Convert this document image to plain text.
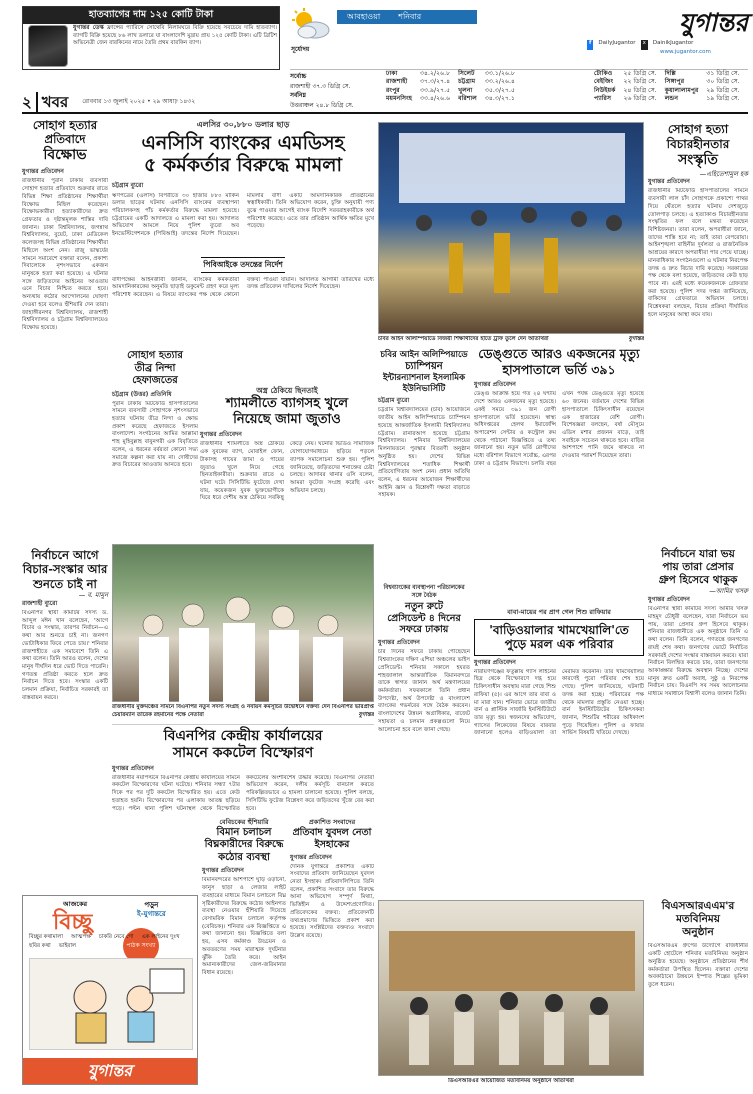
হাতব্যাগের দাম ১২৫ কোটি টাকা
যুগান্তর ডেস্ক ফ্রান্সের প্যারিসে সোথেবি নিলামঘরে বিক্রি হয়েছে সবচেয়ে দামি হাতব্যাগ। ব্যাগটি বিক্রি হয়েছে ৮৬ লাখ ডলারে যা বাংলাদেশি মুদ্রায় প্রায় ১২৫ কোটি টাকা। এটি ব্রিটিশ অভিনেত্রী জেন বারকিনের নামে তৈরি প্রথম বারকিন ব্যাগ।
আবহাওয়া শনিবার
সূর্যোদয়
যুগান্তর
f	DailyJugantor	x	DainikJugantor
www.jugantor.com
সর্বোচ্চ
রাজশাহী ৩৭.৩ ডিগ্রি সে.
সর্বনিম্ন
উত্তরাঞ্চল ২৪.৮ ডিগ্রি সে.
ঢাকা	৩৪.২/২৬.৮	সিলেট	৩৩.১/২৬.৮
রাজশাহী	৩৭.৩/২৭.৪	চট্টগ্রাম	৩৩.২/২৬.৪
রংপুর	৩৩.৯/২৭.৫	খুলনা	৩৫.৩/২৭.৫
ময়মনসিংহ	৩৩.৪/২৬.৬	বরিশাল	৩৪.৩/২৭.১
টোকিও	২৫ ডিগ্রি সে.	দিল্লি	৩১ ডিগ্রি সে.
বেইজিং	২২ ডিগ্রি সে.	সিঙ্গাপুর	৩০ ডিগ্রি সে.
নিউইয়র্ক	২৪ ডিগ্রি সে.	কুয়ালালামপুর	২৯ ডিগ্রি সে.
প্যারিস	২৬ ডিগ্রি সে.	লন্ডন	১৯ ডিগ্রি সে.
২ খবর রোববার ১৩ জুলাই ২০২৫ • ২৯ আষাঢ় ১৪৩২
সোহাগ হত্যার
প্রতিবাদে
বিক্ষোভ
যুগান্তর প্রতিবেদন
রাজধানীর পুরান ঢাকায় ব্যবসায়ী সোহাগ হত্যার প্রতিবাদে শুক্রবার রাতে বিভিন্ন শিক্ষা প্রতিষ্ঠানের শিক্ষার্থীরা বিক্ষোভ মিছিল করেছেন। বিক্ষোভকারীরা হত্যাকারীদের দ্রুত গ্রেফতার ও দৃষ্টান্তমূলক শাস্তির দাবি জানান। ঢাকা বিশ্ববিদ্যালয়, জগন্নাথ বিশ্ববিদ্যালয়, বুয়েট, ঢাকা মেডিকেল কলেজসহ বিভিন্ন প্রতিষ্ঠানের শিক্ষার্থীরা মিছিলে অংশ নেন। রাজু ভাস্কর্যের সামনে সমাবেশে বক্তারা বলেন, প্রকাশ্য দিবালোকে নৃশংসভাবে একজন মানুষকে হত্যা করা হয়েছে। এ ঘটনার সঙ্গে জড়িতদের আইনের আওতায় এনে বিচার নিশ্চিত করতে হবে। অন্যথায় কঠোর আন্দোলনের ঘোষণা দেওয়া হবে বলেও হুঁশিয়ারি দেন তারা। জাহাঙ্গীরনগর বিশ্ববিদ্যালয়, রাজশাহী বিশ্ববিদ্যালয় ও চট্টগ্রাম বিশ্ববিদ্যালয়েও বিক্ষোভ হয়েছে।
নির্বাচনে আগে
বিচার-সংস্কার আর
শুনতে চাই না
— ব. মামুন
রাজশাহী ব্যুরো
বিএনপির স্থায়ী কমিটির সদস্য ড. আব্দুল মঈন খান বলেছেন, 'আগে বিচার ও সংস্কার, তারপর নির্বাচন—এ কথা আর শুনতে চাই না। জনগণ ভোটাধিকার ফিরে পেতে চায়।' শনিবার রাজশাহীতে এক সমাবেশে তিনি এ কথা বলেন। তিনি আরও বলেন, দেশের মানুষ দীর্ঘদিন ধরে ভোট দিতে পারেনি। গণতন্ত্র প্রতিষ্ঠা করতে হলে দ্রুত নির্বাচন দিতে হবে। সংস্কার একটি চলমান প্রক্রিয়া, নির্বাচিত সরকারই তা বাস্তবায়ন করবে।
আজকের
বিচ্ছু
পড়ুন
ই-যুগান্তরে
পাঠক সংখ্যা
বিচ্ছুর কথামালা আত্মপক্ষ চাকরি নেবে গো এক লাইনের দুঃখ
ছবির কথা ভাইরাল
যুগান্তর
এলসির ৩০,৮৮০ ডলার ছাড়
এনসিসি ব্যাংকের এমডিসহ
৫ কর্মকর্তার বিরুদ্ধে মামলা
চট্টগ্রাম ব্যুরো
ঋণপত্রের (এলসি) বিপরীতে ৩০ হাজার ৮৮০ মার্কিন ডলার ছাড়ের ঘটনায় এনসিসি ব্যাংকের ব্যবস্থাপনা পরিচালকসহ পাঁচ কর্মকর্তার বিরুদ্ধে মামলা হয়েছে। চট্টগ্রামের একটি আদালতে এ মামলা করা হয়। আদালত অভিযোগ আমলে নিয়ে পুলিশ ব্যুরো অব ইনভেস্টিগেশনকে (পিবিআই) তদন্তের নির্দেশ দিয়েছেন। মামলার বাদী একটি আমদানিকারক প্রতিষ্ঠানের স্বত্বাধিকারী। তিনি অভিযোগ করেন, চুক্তি অনুযায়ী পণ্য বুঝে পাওয়ার আগেই ব্যাংক বিদেশি সরবরাহকারীকে অর্থ পরিশোধ করেছে। এতে তার প্রতিষ্ঠান আর্থিক ক্ষতির মুখে পড়েছে।
পিবিআইকে তদন্তের নির্দেশ
বাদীপক্ষের আইনজীবী জানান, ব্যাংকের কর্মকর্তারা আমদানিকারকের অনুমতি ছাড়াই ডকুমেন্ট গ্রহণ করে মূল্য পরিশোধ করেছেন। এ বিষয়ে ব্যাংকের পক্ষ থেকে কোনো বক্তব্য পাওয়া যায়নি। আদালত আগামী তারিখের মধ্যে তদন্ত প্রতিবেদন দাখিলের নির্দেশ দিয়েছেন।
সোহাগ হত্যার
তীব্র নিন্দা
হেফাজতের
চট্টগ্রাম (উত্তর) প্রতিনিধি
পুরান ঢাকায় মিটফোর্ড হাসপাতালের সামনে ব্যবসায়ী সোহাগকে নৃশংসভাবে হত্যার ঘটনায় তীব্র নিন্দা ও ক্ষোভ প্রকাশ করেছে হেফাজতে ইসলাম বাংলাদেশ। সংগঠনের আমির আল্লামা শাহ মুহিবুল্লাহ বাবুনগরী এক বিবৃতিতে বলেন, এ ধরনের বর্বরতা কোনো সভ্য সমাজে কল্পনা করা যায় না। দোষীদের দ্রুত বিচারের আওতায় আনতে হবে।
অস্ত্র ঠেকিয়ে ছিনতাই
শ্যামলীতে ব্যাগসহ খুলে
নিয়েছে জামা জুতাও
যুগান্তর প্রতিবেদন
রাজধানীর শ্যামলীতে অস্ত্র ঠেকিয়ে এক যুবকের ব্যাগ, মোবাইল ফোন, টাকাসহ গায়ের জামা ও পায়ের জুতাও খুলে নিয়ে গেছে ছিনতাইকারীরা। শুক্রবার রাতে এ ঘটনা ঘটে। সিসিটিভি ফুটেজে দেখা যায়, কয়েকজন যুবক ভুক্তভোগীকে ঘিরে ধরে দেশীয় অস্ত্র ঠেকিয়ে সবকিছু কেড়ে নেয়। ঘটনার ভিডিও সামাজিক যোগাযোগমাধ্যমে ছড়িয়ে পড়লে ব্যাপক সমালোচনা শুরু হয়। পুলিশ জানিয়েছে, জড়িতদের শনাক্তের চেষ্টা চলছে। আদাবর থানার ওসি বলেন, আমরা ফুটেজ সংগ্রহ করেছি এবং অভিযান চলছে।
রাজধানীর মুক্তমঞ্চের সামনে বিএনপির নতুন সদস্য সংগ্রহ ও নবায়ন কর্মসূচির উদ্বোধনে বক্তব্য দেন বিএনপির ভারপ্রাপ্ত চেয়ারম্যান তারেক রহমানের পক্ষে নেতারা	যুগান্তর
বিএনপির কেন্দ্রীয় কার্যালয়ের
সামনে ককটেল বিস্ফোরণ
যুগান্তর প্রতিবেদন
রাজধানীর নয়াপল্টনে বিএনপির কেন্দ্রীয় কার্যালয়ের সামনে ককটেল বিস্ফোরণের ঘটনা ঘটেছে। শনিবার সন্ধ্যা ৭টার দিকে পর পর দুটি ককটেল বিস্ফোরিত হয়। এতে কেউ হতাহত হয়নি। বিস্ফোরণের পর এলাকায় আতঙ্ক ছড়িয়ে পড়ে। পল্টন থানা পুলিশ ঘটনাস্থল থেকে বিস্ফোরিত ককটেলের অংশবিশেষ উদ্ধার করেছে। বিএনপির নেতারা অভিযোগ করেন, দলীয় কর্মসূচি বানচাল করতে পরিকল্পিতভাবে এ হামলা চালানো হয়েছে। পুলিশ বলছে, সিসিটিভি ফুটেজ বিশ্লেষণ করে জড়িতদের খুঁজে বের করা হবে।
বেবিচকের হুঁশিয়ারি
বিমান চলাচল
বিঘ্নকারীদের বিরুদ্ধে
কঠোর ব্যবস্থা
যুগান্তর প্রতিবেদন
বিমানবন্দরের আশপাশে ঘুড়ি ওড়ানো, ফানুস ছাড়া ও লেজার লাইট ব্যবহারের মাধ্যমে বিমান চলাচলে বিঘ্ন সৃষ্টিকারীদের বিরুদ্ধে কঠোর আইনগত ব্যবস্থা নেওয়ার হুঁশিয়ারি দিয়েছে বেসামরিক বিমান চলাচল কর্তৃপক্ষ (বেবিচক)। শনিবার এক বিজ্ঞপ্তিতে এ কথা জানানো হয়। বিজ্ঞপ্তিতে বলা হয়, এসব কর্মকাণ্ড উড্ডয়ন ও অবতরণের সময় মারাত্মক দুর্ঘটনার ঝুঁকি তৈরি করে। আইন অমান্যকারীদের জেল-জরিমানার বিধান রয়েছে।
প্রকাশিত সংবাদের
প্রতিবাদ যুবদল নেতা
ইসহাকের
যুগান্তর প্রতিবেদন
দৈনিক যুগান্তরে প্রকাশিত একটি সংবাদের প্রতিবাদ জানিয়েছেন যুবদল নেতা ইসহাক। প্রতিবাদলিপিতে তিনি বলেন, প্রকাশিত সংবাদে তার বিরুদ্ধে আনা অভিযোগ সম্পূর্ণ মিথ্যা, ভিত্তিহীন ও উদ্দেশ্যপ্রণোদিত। প্রতিবেদকের বক্তব্য: প্রতিবেদনটি তথ্যপ্রমাণের ভিত্তিতে প্রকাশ করা হয়েছে। সংশ্লিষ্টদের বক্তব্যও সংবাদে উল্লেখ রয়েছে।
চবির আইন অলিম্পিয়াডে বিজয়ী শিক্ষার্থীদের হাতে ট্রফি তুলে দেন অতিথিরা	যুগান্তর
চবির আইন অলিম্পিয়াডে
চ্যাম্পিয়ন
ইন্টারন্যাশনাল ইসলামিক
ইউনিভার্সিটি
চট্টগ্রাম ব্যুরো
চট্টগ্রাম বিশ্ববিদ্যালয়ের (চবি) আয়োজনে জাতীয় আইন অলিম্পিয়াডে চ্যাম্পিয়ন হয়েছে আন্তর্জাতিক ইসলামী বিশ্ববিদ্যালয় চট্টগ্রাম। রানারআপ হয়েছে চট্টগ্রাম বিশ্ববিদ্যালয়। শনিবার বিশ্ববিদ্যালয়ের মিলনায়তনে পুরস্কার বিতরণী অনুষ্ঠান অনুষ্ঠিত হয়। দেশের বিভিন্ন বিশ্ববিদ্যালয়ের শতাধিক শিক্ষার্থী প্রতিযোগিতায় অংশ নেন। প্রধান অতিথি বলেন, এ ধরনের আয়োজন শিক্ষার্থীদের আইনি জ্ঞান ও বিশ্লেষণী দক্ষতা বাড়াতে সহায়ক।
ডেঙ্গুতে আরও একজনের মৃত্যু
হাসপাতালে ভর্তি ৩৯১
যুগান্তর প্রতিবেদন
ডেঙ্গু আক্রান্ত হয়ে গত ২৪ ঘণ্টায় দেশে আরও একজনের মৃত্যু হয়েছে। একই সময়ে ৩৯১ জন রোগী হাসপাতালে ভর্তি হয়েছেন। স্বাস্থ্য অধিদপ্তরের হেলথ ইমার্জেন্সি অপারেশন সেন্টার ও কন্ট্রোল রুম থেকে পাঠানো বিজ্ঞপ্তিতে এ তথ্য জানানো হয়। নতুন ভর্তি রোগীদের মধ্যে বরিশাল বিভাগে সর্বোচ্চ, এরপর ঢাকা ও চট্টগ্রাম বিভাগে। চলতি বছর এখন পর্যন্ত ডেঙ্গুতে মৃত্যু হয়েছে ৬০ জনের। বর্তমানে দেশের বিভিন্ন হাসপাতালে চিকিৎসাধীন রয়েছেন এক হাজারের বেশি রোগী। বিশেষজ্ঞরা বলছেন, বর্ষা মৌসুমে এডিস মশার প্রজনন বাড়ে, তাই সবাইকে সচেতন থাকতে হবে। বাড়ির আশপাশে পানি জমে থাকতে না দেওয়ার পরামর্শ দিয়েছেন তারা।
বিশ্বব্যাংকের ব্যবস্থাপনা পরিচালকের সঙ্গে বৈঠক
নতুন রুটে
প্রেসিডেন্ট ৪ দিনের
সফরে ঢাকায়
যুগান্তর প্রতিবেদন
চার দিনের সফরে ঢাকায় পৌঁছেছেন বিশ্বব্যাংকের দক্ষিণ এশিয়া অঞ্চলের ভাইস প্রেসিডেন্ট। শনিবার সকালে হযরত শাহজালাল আন্তর্জাতিক বিমানবন্দরে তাকে স্বাগত জানান অর্থ মন্ত্রণালয়ের কর্মকর্তারা। সফরকালে তিনি প্রধান উপদেষ্টা, অর্থ উপদেষ্টা ও বাংলাদেশ ব্যাংকের গভর্নরের সঙ্গে বৈঠক করবেন। বাংলাদেশের উন্নয়ন অগ্রাধিকার, বাজেট সহায়তা ও চলমান প্রকল্পগুলো নিয়ে আলোচনা হবে বলে জানা গেছে।
বাবা-মায়ের পর প্রাণ গেল শিশু রাফিয়ার
'বাড়িওয়ালার খামখেয়ালি'তে
পুড়ে মরল এক পরিবার
যুগান্তর প্রতিবেদন
নারায়ণগঞ্জের ফতুল্লায় গ্যাস লাইনের ছিদ্র থেকে বিস্ফোরণে দগ্ধ হয়ে চিকিৎসাধীন অবস্থায় মারা গেছে শিশু রাফিয়া (৫)। এর আগে তার বাবা ও মা মারা যান। শনিবার ভোরে জাতীয় বার্ন ও প্লাস্টিক সার্জারি ইনস্টিটিউটে তার মৃত্যু হয়। স্বজনদের অভিযোগ, গ্যাসের লিকেজের বিষয়ে বারবার জানানো হলেও বাড়িওয়ালা তা মেরামত করেননি। তার খামখেয়ালির কারণেই পুরো পরিবার শেষ হয়ে গেছে। পুলিশ জানিয়েছে, ঘটনাটি তদন্ত করা হচ্ছে। পরিবারের পক্ষ থেকে মামলার প্রস্তুতি নেওয়া হচ্ছে। বার্ন ইনস্টিটিউটের চিকিৎসকরা জানান, শিশুটির শরীরের অধিকাংশ পুড়ে গিয়েছিল। পুলিশ ও ফায়ার সার্ভিস বিষয়টি খতিয়ে দেখছে।
ডিএসআরএর আয়োজিত মতবিনিময় অনুষ্ঠানে অতিথিরা
সোহাগ হত্যা
বিচারহীনতার
সংস্কৃতি
—এহিতেশামুল হক
যুগান্তর প্রতিবেদন
রাজধানীর মিটফোর্ড হাসপাতালের সামনে ব্যবসায়ী লাল চাঁদ সোহাগকে প্রকাশ্যে পাথর দিয়ে থেঁতলে হত্যার ঘটনায় দেশজুড়ে তোলপাড় চলছে। এ হত্যাকাণ্ড বিচারহীনতার সংস্কৃতির ফল বলে মন্তব্য করেছেন বিশিষ্টজনরা। তারা বলেন, অপরাধীরা জানে, তাদের শাস্তি হবে না; তাই তারা বেপরোয়া। আইনশৃঙ্খলা বাহিনীর দুর্বলতা ও রাজনৈতিক আশ্রয়ের কারণে অপরাধীরা পার পেয়ে যাচ্ছে। মানবাধিকার সংগঠনগুলো এ ঘটনার নিরপেক্ষ তদন্ত ও দ্রুত বিচার দাবি করেছে। সরকারের পক্ষ থেকে বলা হয়েছে, জড়িতদের কেউ ছাড় পাবে না। এরই মধ্যে কয়েকজনকে গ্রেফতার করা হয়েছে। পুলিশ সদর দপ্তর জানিয়েছে, বাকিদের গ্রেফতারে অভিযান চলছে। বিশ্লেষকরা বলছেন, বিচার প্রক্রিয়া দীর্ঘায়িত হলে মানুষের আস্থা কমে যায়।
নির্বাচনে যারা ভয়
পায় তারা প্রেসার
গ্রুপ হিসেবে থাকুক
—আমির খসরু
যুগান্তর প্রতিবেদন
বিএনপির স্থায়ী কমিটির সদস্য আমীর খসরু মাহমুদ চৌধুরী বলেছেন, যারা নির্বাচনে ভয় পায়, তারা প্রেসার গ্রুপ হিসেবে থাকুক। শনিবার রাজধানীতে এক অনুষ্ঠানে তিনি এ কথা বলেন। তিনি বলেন, গণতন্ত্রে জনগণের রায়ই শেষ কথা। জনগণের ভোটে নির্বাচিত সরকারই দেশের সংস্কার বাস্তবায়ন করবে। যারা নির্বাচন বিলম্বিত করতে চায়, তারা জনগণের আকাঙ্ক্ষার বিরুদ্ধে অবস্থান নিচ্ছে। দেশের মানুষ দ্রুত একটি অবাধ, সুষ্ঠু ও নিরপেক্ষ নির্বাচন চায়। বিএনপি সব সময় আলোচনার মাধ্যমে সমাধানে বিশ্বাসী বলেও জানান তিনি।
বিএসআরএএম'র
মতবিনিময়
অনুষ্ঠান
বিএসআরএম গ্রুপের উদ্যোগে রাজধানীর একটি হোটেলে শনিবার মতবিনিময় অনুষ্ঠান অনুষ্ঠিত হয়েছে। অনুষ্ঠানে প্রতিষ্ঠানের শীর্ষ কর্মকর্তারা উপস্থিত ছিলেন। বক্তারা দেশের অবকাঠামো উন্নয়নে ইস্পাত শিল্পের ভূমিকা তুলে ধরেন।
